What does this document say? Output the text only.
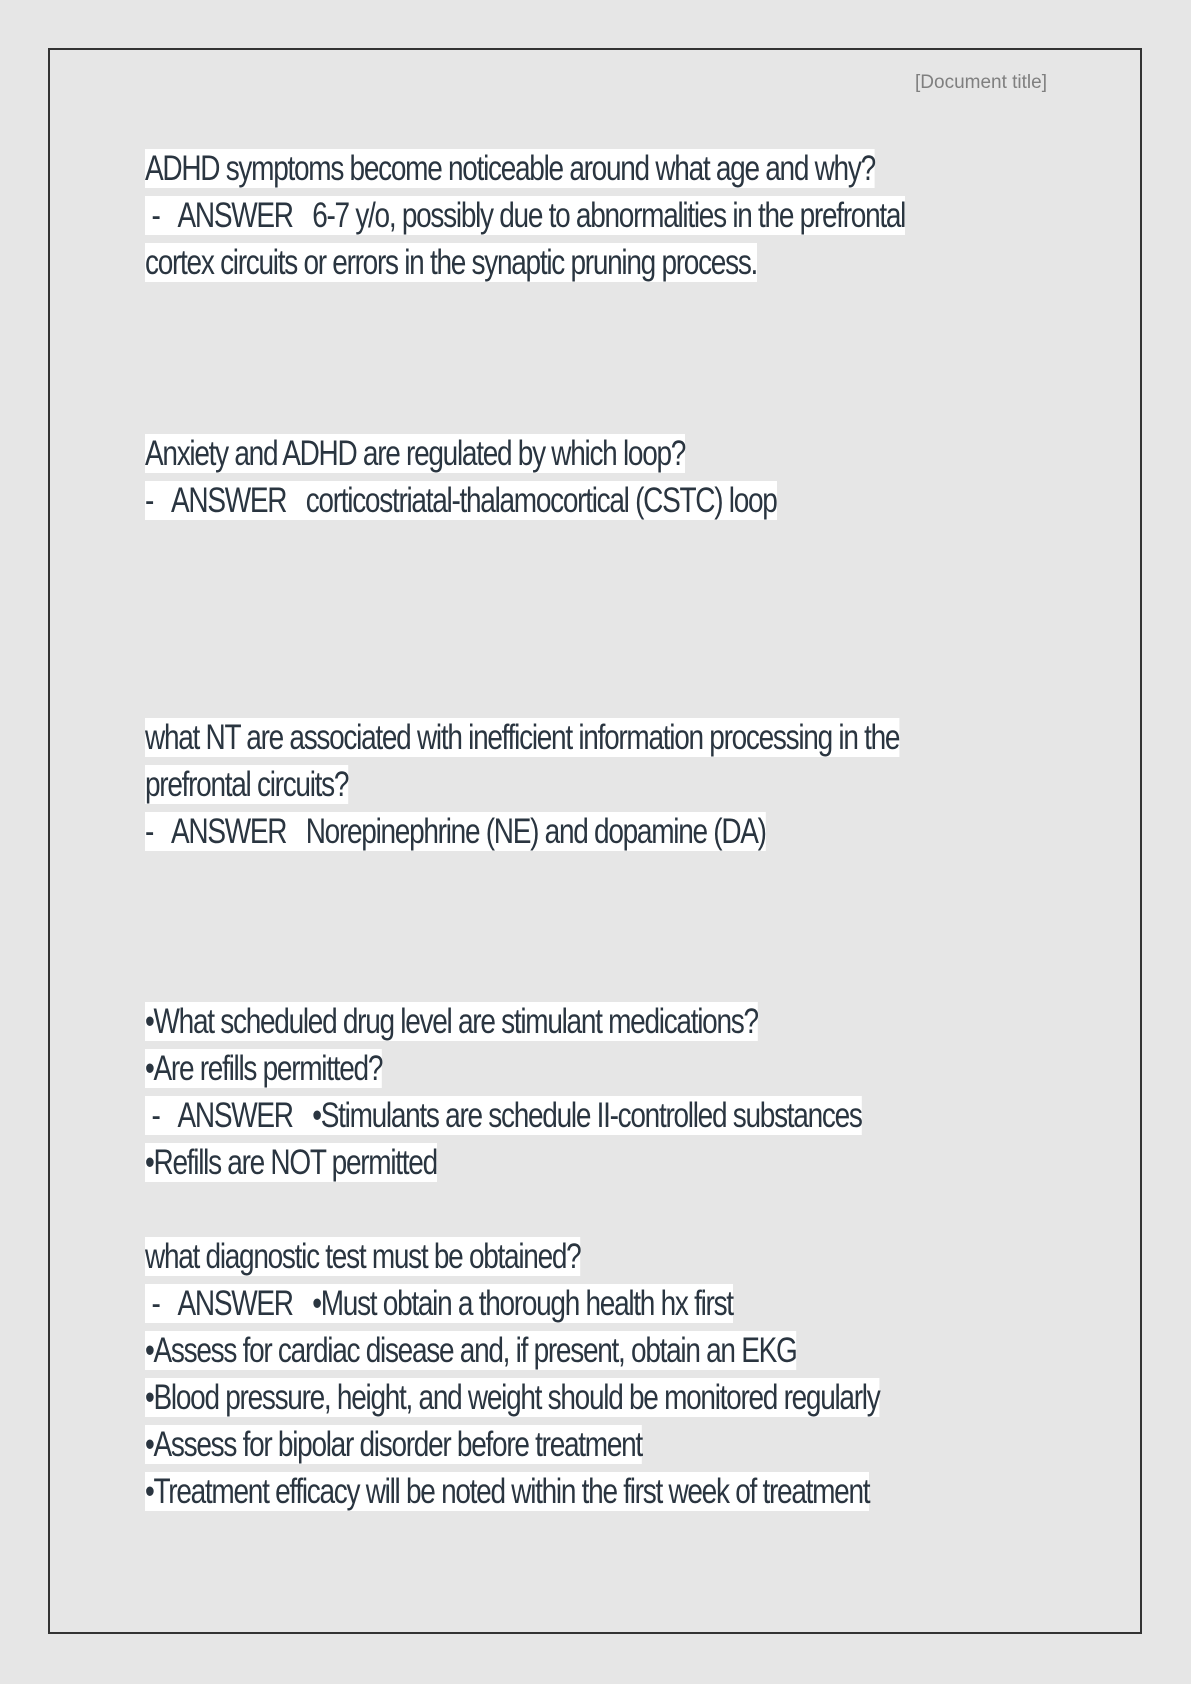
[Document title]
ADHD symptoms become noticeable around what age and why?
-   ANSWER   6-7 y/o, possibly due to abnormalities in the prefrontal
cortex circuits or errors in the synaptic pruning process.
Anxiety and ADHD are regulated by which loop?
-   ANSWER   corticostriatal-thalamocortical (CSTC) loop
what NT are associated with inefficient information processing in the
prefrontal circuits?
-   ANSWER   Norepinephrine (NE) and dopamine (DA)
•What scheduled drug level are stimulant medications?
•Are refills permitted?
-   ANSWER   •Stimulants are schedule II-controlled substances
•Refills are NOT permitted
what diagnostic test must be obtained?
-   ANSWER   •Must obtain a thorough health hx first
•Assess for cardiac disease and, if present, obtain an EKG
•Blood pressure, height, and weight should be monitored regularly
•Assess for bipolar disorder before treatment
•Treatment efficacy will be noted within the first week of treatment
